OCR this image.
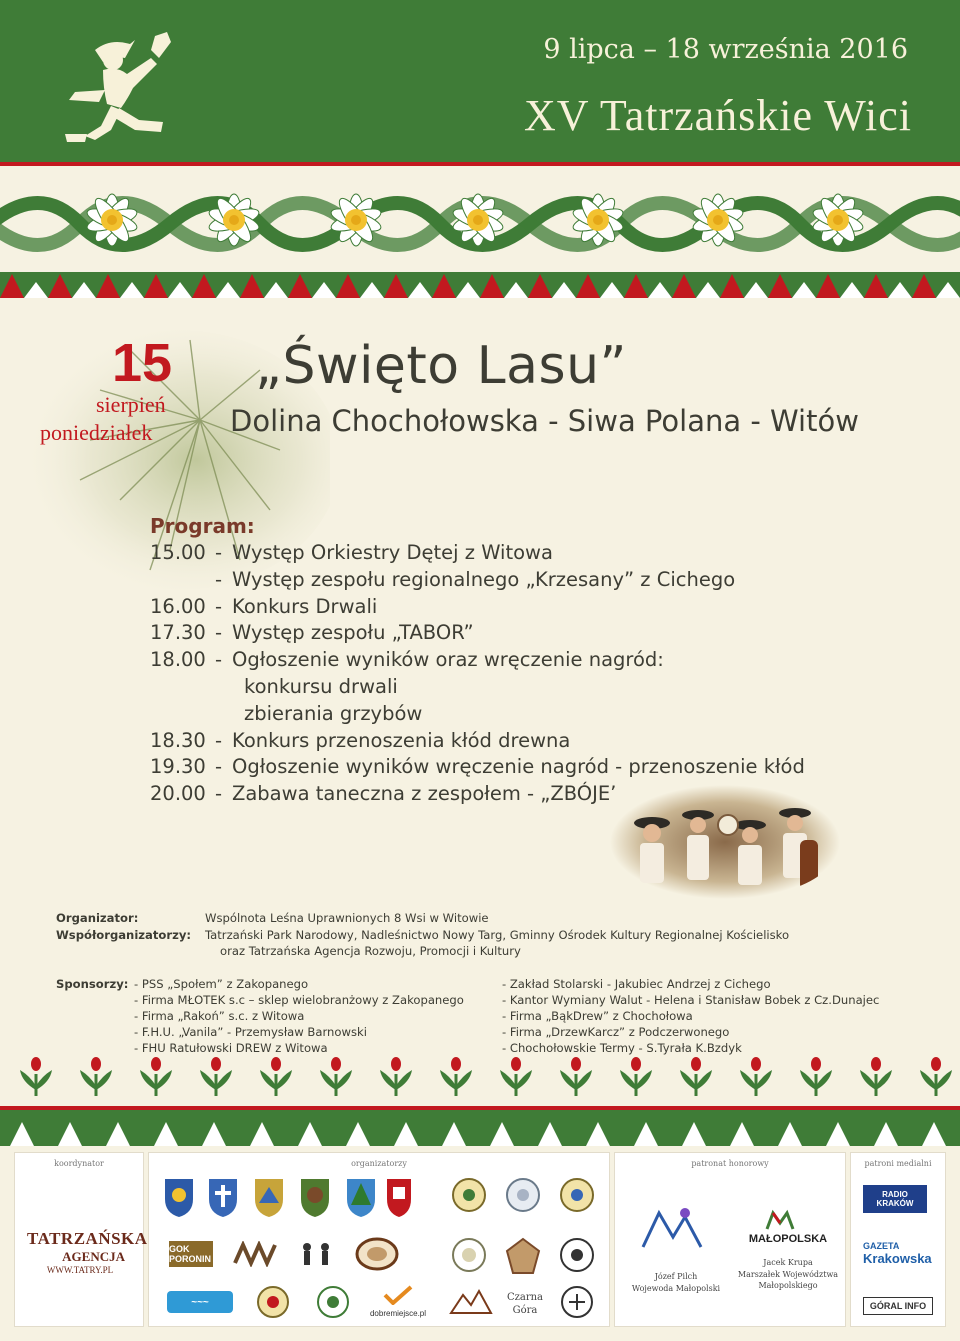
9 lipca – 18 września 2016
XV Tatrzańskie Wici
15
sierpień
poniedziałek
„Święto Lasu”
Dolina Chochołowska - Siwa Polana - Witów
Program:
15.00 - Występ Orkiestry Dętej z Witowa
- Występ zespołu regionalnego „Krzesany” z Cichego
16.00 - Konkurs Drwali
17.30 - Występ zespołu „TABOR”
18.00 - Ogłoszenie wyników oraz wręczenie nagród:
konkursu drwali
zbierania grzybów
18.30 - Konkurs przenoszenia kłód drewna
19.30 - Ogłoszenie wyników wręczenie nagród - przenoszenie kłód
20.00 - Zabawa taneczna z zespołem - „ZBÓJE’
Organizator:	Wspólnota Leśna Uprawnionych 8 Wsi w Witowie
Współorganizatorzy: Tatrzański Park Narodowy, Nadleśnictwo Nowy Targ, Gminny Ośrodek Kultury Regionalnej Kościelisko
oraz Tatrzańska Agencja Rozwoju, Promocji i Kultury
Sponsorzy: - PSS „Społem” z Zakopanego
- Firma MŁOTEK s.c – sklep wielobranżowy z Zakopanego
- Firma „Rakoń” s.c. z Witowa
- F.H.U. „Vanila” - Przemysław Barnowski
- FHU Ratułowski DREW z Witowa
- Zakład Stolarski - Jakubiec Andrzej z Cichego
- Kantor Wymiany Walut - Helena i Stanisław Bobek z Cz.Dunajec
- Firma „BąkDrew” z Chochołowa
- Firma „DrzewKarcz” z Podczerwonego
- Chochołowskie Termy - S.Tyrała K.Bzdyk
koordynator
TATRZAŃSKA
AGENCJA
WWW.TATRY.PL
organizatorzy
GOK PORONIN
~~~
dobremiejsce.pl
Czarna
Góra
patronat honorowy
Józef Pilch
Wojewoda Małopolski
MAŁOPOLSKA
Jacek Krupa
Marszałek Województwa Małopolskiego
patroni medialni
RADIO KRAKÓW
GAZETA
Krakowska
GÓRAL INFO
